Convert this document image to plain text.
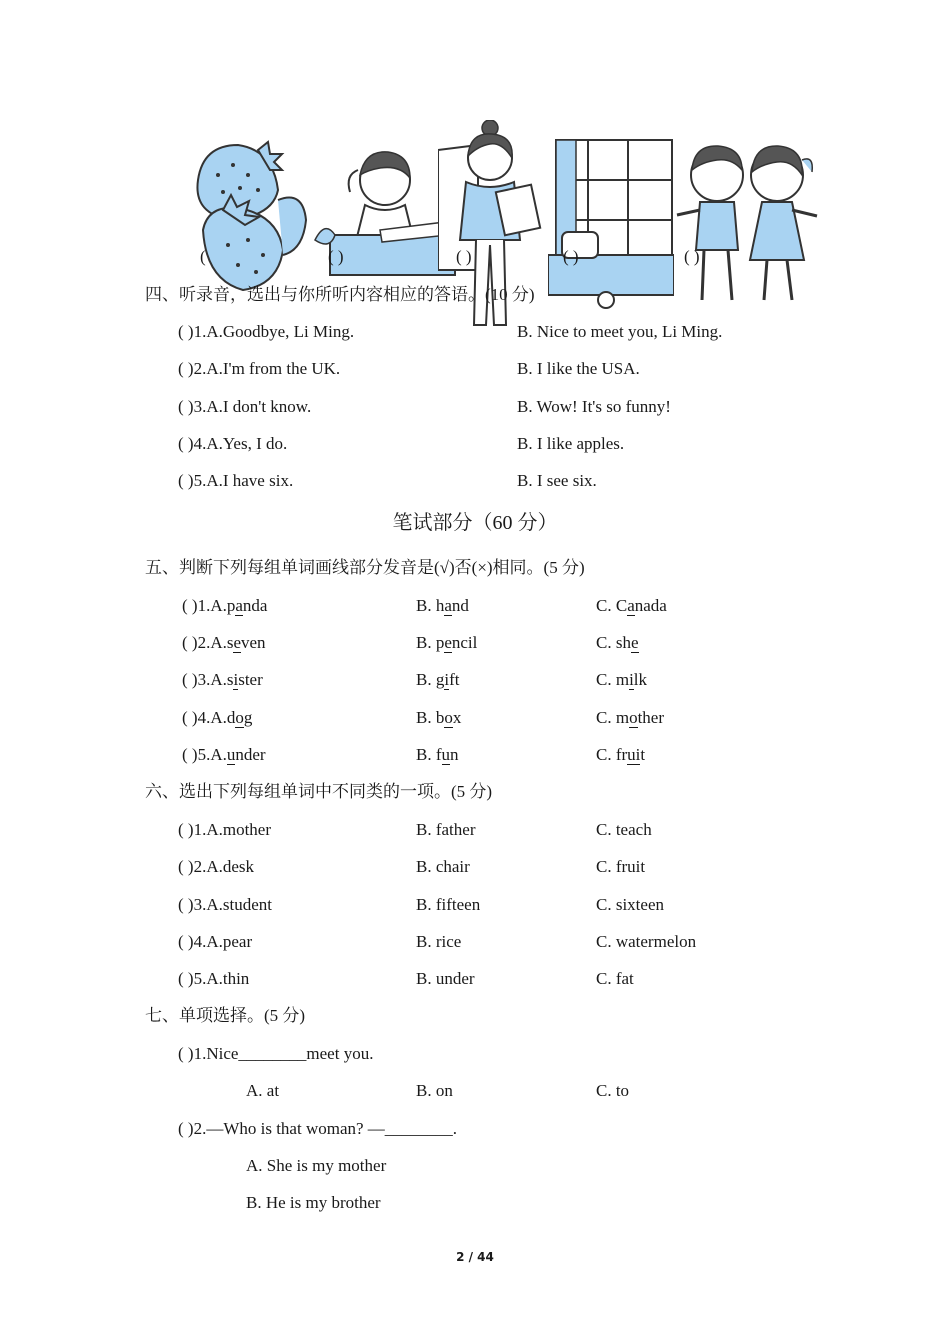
(	( )	( )	( )	( )
四、听录音，选出与你所听内容相应的答语。(10 分)
( )1.A.Goodbye, Li Ming.	B. Nice to meet you, Li Ming.
( )2.A.I'm from the UK.	B. I like the USA.
( )3.A.I don't know.	B. Wow! It's so funny!
( )4.A.Yes, I do.	B. I like apples.
( )5.A.I have six.	B. I see six.
笔试部分（60 分）
五、判断下列每组单词画线部分发音是(√)否(×)相同。(5 分)
( )1.A.panda	B. hand	C. Canada
( )2.A.seven	B. pencil	C. she
( )3.A.sister	B. gift	C. milk
( )4.A.dog	B. box	C. mother
( )5.A.under	B. fun	C. fruit
六、选出下列每组单词中不同类的一项。(5 分)
( )1.A.mother	B. father	C. teach
( )2.A.desk	B. chair	C. fruit
( )3.A.student	B. fifteen	C. sixteen
( )4.A.pear	B. rice	C. watermelon
( )5.A.thin	B. under	C. fat
七、单项选择。(5 分)
( )1.Nice________meet you.
A. at	B. on	C. to
( )2.—Who is that woman? —________.
A. She is my mother
B. He is my brother
2 / 44
